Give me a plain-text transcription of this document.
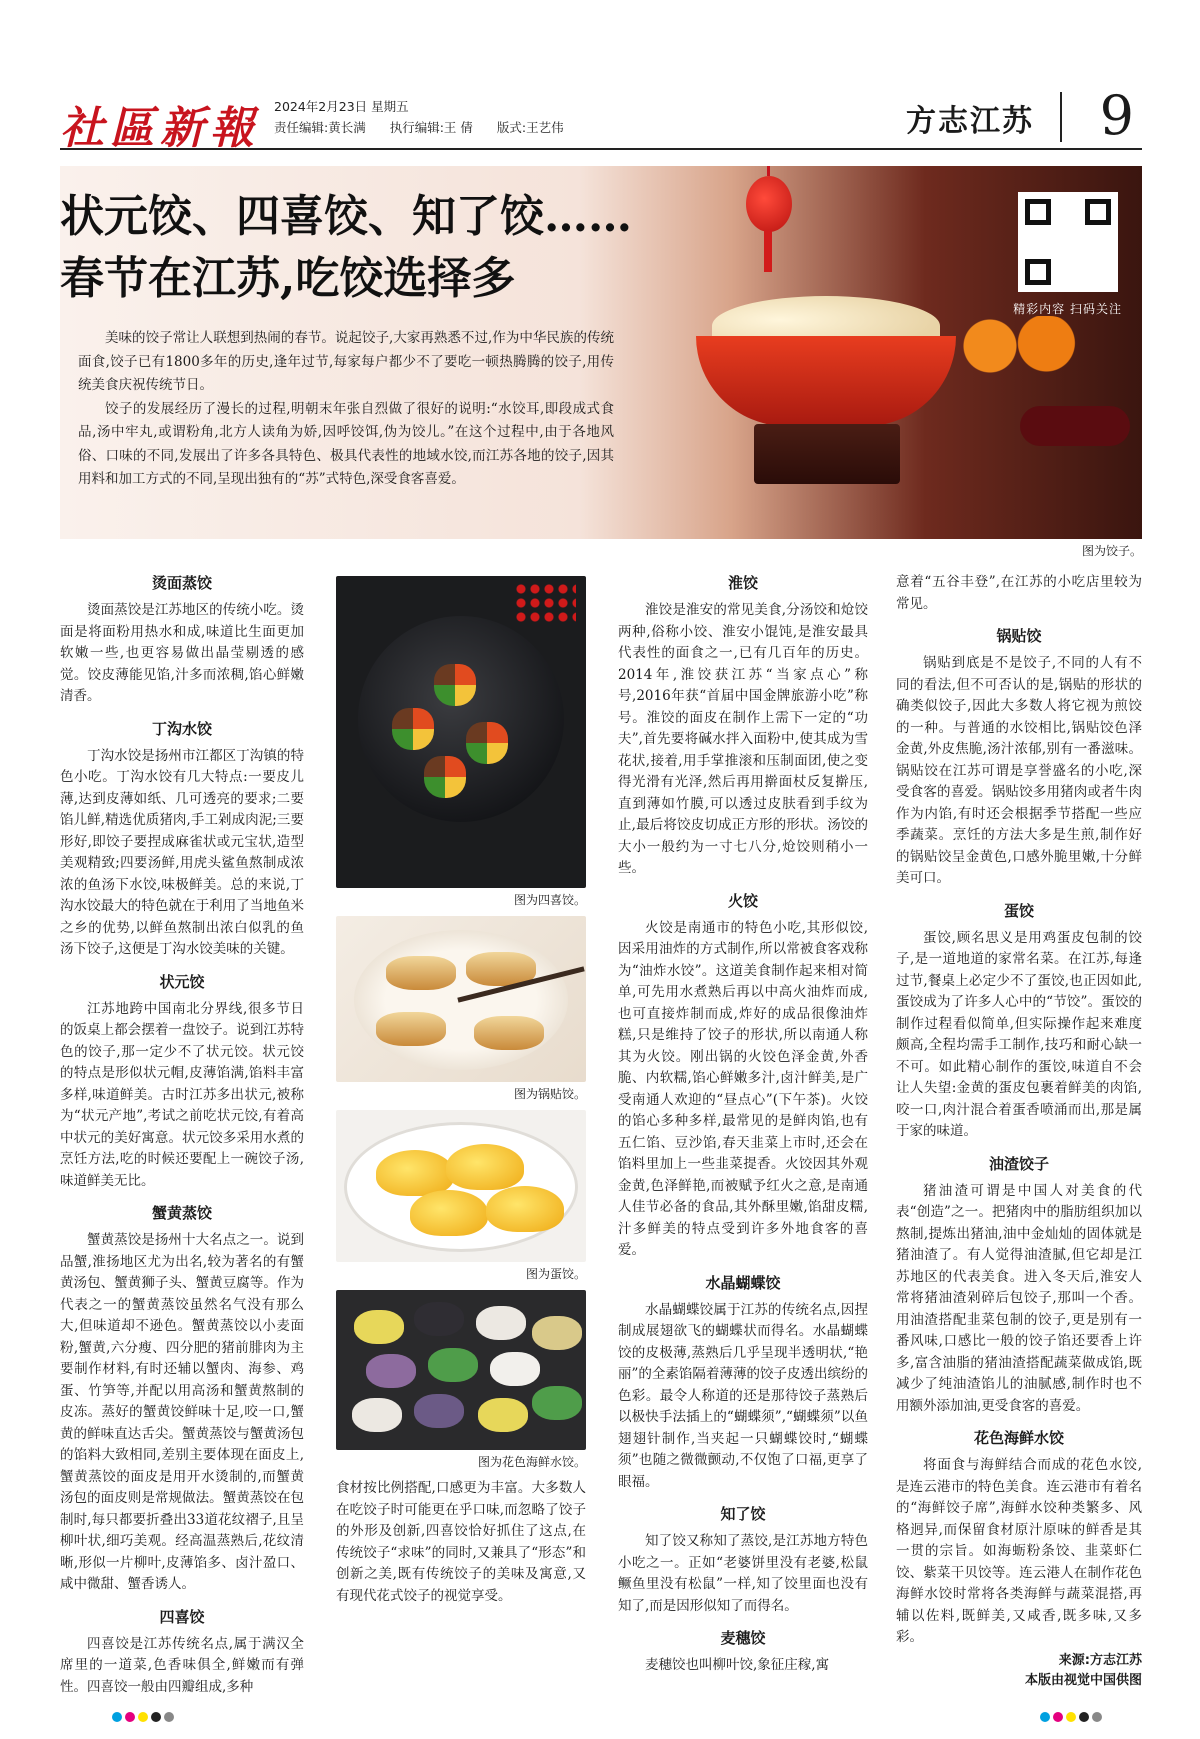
社區新報 2024年2月23日 星期五
责任编辑:黄长满 执行编辑:王 倩 版式:王艺伟	方志江苏 9
状元饺、四喜饺、知了饺……
春节在江苏,吃饺选择多

美味的饺子常让人联想到热闹的春节。说起饺子,大家再熟悉不过,作为中华民族的传统面食,饺子已有1800多年的历史,逢年过节,每家每户都少不了要吃一顿热腾腾的饺子,用传统美食庆祝传统节日。

饺子的发展经历了漫长的过程,明朝末年张自烈做了很好的说明:“水饺耳,即段成式食品,汤中牢丸,或谓粉角,北方人读角为娇,因呼饺饵,伪为饺儿。”在这个过程中,由于各地风俗、口味的不同,发展出了许多各具特色、极具代表性的地域水饺,而江苏各地的饺子,因其用料和加工方式的不同,呈现出独有的“苏”式特色,深受食客喜爱。

精彩内容 扫码关注
图为饺子。
烫面蒸饺

烫面蒸饺是江苏地区的传统小吃。烫面是将面粉用热水和成,味道比生面更加软嫩一些,也更容易做出晶莹剔透的感觉。饺皮薄能见馅,汁多而浓稠,馅心鲜嫩清香。

丁沟水饺

丁沟水饺是扬州市江都区丁沟镇的特色小吃。丁沟水饺有几大特点:一要皮儿薄,达到皮薄如纸、几可透亮的要求;二要馅儿鲜,精选优质猪肉,手工剁成肉泥;三要形好,即饺子要捏成麻雀状或元宝状,造型美观精致;四要汤鲜,用虎头鲨鱼熬制成浓浓的鱼汤下水饺,味极鲜美。总的来说,丁沟水饺最大的特色就在于利用了当地鱼米之乡的优势,以鲜鱼熬制出浓白似乳的鱼汤下饺子,这便是丁沟水饺美味的关键。

状元饺

江苏地跨中国南北分界线,很多节日的饭桌上都会摆着一盘饺子。说到江苏特色的饺子,那一定少不了状元饺。状元饺的特点是形似状元帽,皮薄馅满,馅料丰富多样,味道鲜美。古时江苏多出状元,被称为“状元产地”,考试之前吃状元饺,有着高中状元的美好寓意。状元饺多采用水煮的烹饪方法,吃的时候还要配上一碗饺子汤,味道鲜美无比。

蟹黄蒸饺

蟹黄蒸饺是扬州十大名点之一。说到品蟹,淮扬地区尤为出名,较为著名的有蟹黄汤包、蟹黄狮子头、蟹黄豆腐等。作为代表之一的蟹黄蒸饺虽然名气没有那么大,但味道却不逊色。蟹黄蒸饺以小麦面粉,蟹黄,六分瘦、四分肥的猪前腓肉为主要制作材料,有时还辅以蟹肉、海参、鸡蛋、竹笋等,并配以用高汤和蟹黄熬制的皮冻。蒸好的蟹黄饺鲜味十足,咬一口,蟹黄的鲜味直达舌尖。蟹黄蒸饺与蟹黄汤包的馅料大致相同,差别主要体现在面皮上,蟹黄蒸饺的面皮是用开水烫制的,而蟹黄汤包的面皮则是常规做法。蟹黄蒸饺在包制时,每只都要折叠出33道花纹褶子,且呈柳叶状,细巧美观。经高温蒸熟后,花纹清晰,形似一片柳叶,皮薄馅多、卤汁盈口、咸中微甜、蟹香诱人。

四喜饺

四喜饺是江苏传统名点,属于满汉全席里的一道菜,色香味俱全,鲜嫩而有弹性。四喜饺一般由四瓣组成,多种

图为四喜饺。
图为锅贴饺。
图为蛋饺。
图为花色海鲜水饺。

食材按比例搭配,口感更为丰富。大多数人在吃饺子时可能更在乎口味,而忽略了饺子的外形及创新,四喜饺恰好抓住了这点,在传统饺子“求味”的同时,又兼具了“形态”和创新之美,既有传统饺子的美味及寓意,又有现代花式饺子的视觉享受。

淮饺

淮饺是淮安的常见美食,分汤饺和炝饺两种,俗称小饺、淮安小馄饨,是淮安最具代表性的面食之一,已有几百年的历史。2014年,淮饺获江苏“当家点心”称号,2016年获“首届中国金牌旅游小吃”称号。淮饺的面皮在制作上需下一定的“功夫”,首先要将碱水拌入面粉中,使其成为雪花状,接着,用手掌推滚和压制面团,使之变得光滑有光泽,然后再用擀面杖反复擀压,直到薄如竹膜,可以透过皮肤看到手纹为止,最后将饺皮切成正方形的形状。汤饺的大小一般约为一寸七八分,炝饺则稍小一些。

火饺

火饺是南通市的特色小吃,其形似饺,因采用油炸的方式制作,所以常被食客戏称为“油炸水饺”。这道美食制作起来相对简单,可先用水煮熟后再以中高火油炸而成,也可直接炸制而成,炸好的成品很像油炸糕,只是维持了饺子的形状,所以南通人称其为火饺。刚出锅的火饺色泽金黄,外香脆、内软糯,馅心鲜嫩多汁,卤汁鲜美,是广受南通人欢迎的“昼点心”(下午茶)。火饺的馅心多种多样,最常见的是鲜肉馅,也有五仁馅、豆沙馅,春天韭菜上市时,还会在馅料里加上一些韭菜提香。火饺因其外观金黄,色泽鲜艳,而被赋予红火之意,是南通人佳节必备的食品,其外酥里嫩,馅甜皮糯,汁多鲜美的特点受到许多外地食客的喜爱。

水晶蝴蝶饺

水晶蝴蝶饺属于江苏的传统名点,因捏制成展翅欲飞的蝴蝶状而得名。水晶蝴蝶饺的皮极薄,蒸熟后几乎呈现半透明状,“艳丽”的全素馅隔着薄薄的饺子皮透出缤纷的色彩。最令人称道的还是那待饺子蒸熟后以极快手法插上的“蝴蝶须”,“蝴蝶须”以鱼翅翅针制作,当夹起一只蝴蝶饺时,“蝴蝶须”也随之微微颤动,不仅饱了口福,更享了眼福。

知了饺

知了饺又称知了蒸饺,是江苏地方特色小吃之一。正如“老婆饼里没有老婆,松鼠鳜鱼里没有松鼠”一样,知了饺里面也没有知了,而是因形似知了而得名。

麦穗饺

麦穗饺也叫柳叶饺,象征庄稼,寓

意着“五谷丰登”,在江苏的小吃店里较为常见。

锅贴饺

锅贴到底是不是饺子,不同的人有不同的看法,但不可否认的是,锅贴的形状的确类似饺子,因此大多数人将它视为煎饺的一种。与普通的水饺相比,锅贴饺色泽金黄,外皮焦脆,汤汁浓郁,别有一番滋味。锅贴饺在江苏可谓是享誉盛名的小吃,深受食客的喜爱。锅贴饺多用猪肉或者牛肉作为内馅,有时还会根据季节搭配一些应季蔬菜。烹饪的方法大多是生煎,制作好的锅贴饺呈金黄色,口感外脆里嫩,十分鲜美可口。

蛋饺

蛋饺,顾名思义是用鸡蛋皮包制的饺子,是一道地道的家常名菜。在江苏,每逢过节,餐桌上必定少不了蛋饺,也正因如此,蛋饺成为了许多人心中的“节饺”。蛋饺的制作过程看似简单,但实际操作起来难度颇高,全程均需手工制作,技巧和耐心缺一不可。如此精心制作的蛋饺,味道自不会让人失望:金黄的蛋皮包裹着鲜美的肉馅,咬一口,肉汁混合着蛋香喷涌而出,那是属于家的味道。

油渣饺子

猪油渣可谓是中国人对美食的代表“创造”之一。把猪肉中的脂肪组织加以熬制,提炼出猪油,油中金灿灿的固体就是猪油渣了。有人觉得油渣腻,但它却是江苏地区的代表美食。进入冬天后,淮安人常将猪油渣剁碎后包饺子,那叫一个香。用油渣搭配韭菜包制的饺子,更是别有一番风味,口感比一般的饺子馅还要香上许多,富含油脂的猪油渣搭配蔬菜做成馅,既减少了纯油渣馅儿的油腻感,制作时也不用额外添加油,更受食客的喜爱。

花色海鲜水饺

将面食与海鲜结合而成的花色水饺,是连云港市的特色美食。连云港市有着名的“海鲜饺子席”,海鲜水饺种类繁多、风格迥异,而保留食材原汁原味的鲜香是其一贯的宗旨。如海蛎粉条饺、韭菜虾仁饺、紫菜干贝饺等。连云港人在制作花色海鲜水饺时常将各类海鲜与蔬菜混搭,再辅以佐料,既鲜美,又咸香,既多味,又多彩。

来源:方志江苏
本版由视觉中国供图
